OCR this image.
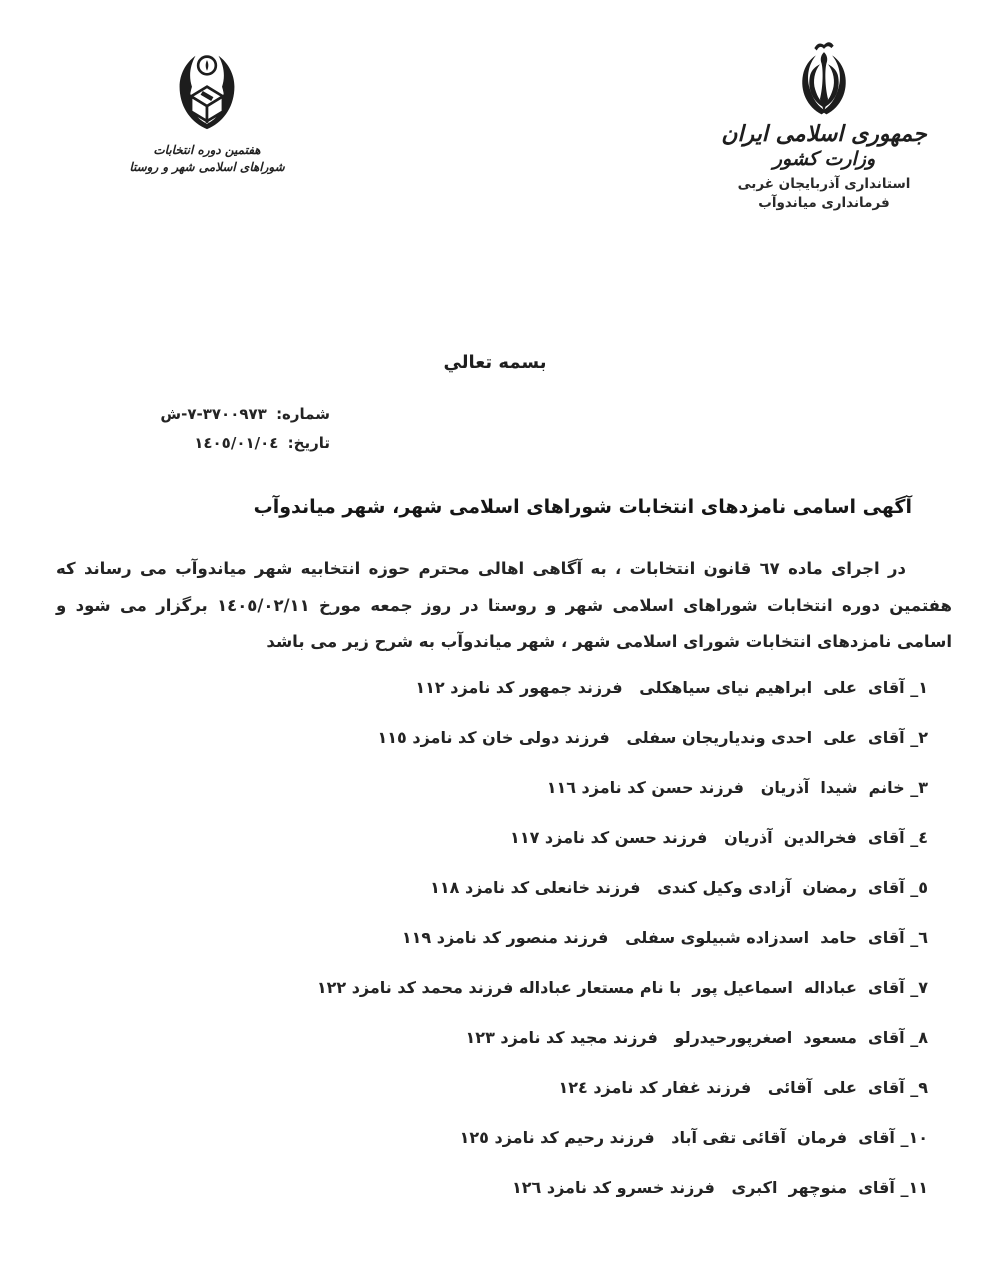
جمهوری اسلامی ایران
وزارت کشور
استانداری آذربایجان غربی
فرمانداری میاندوآب
هفتمین دوره انتخابات
شوراهای اسلامی شهر و روستا
بسمه تعالي
شماره: ٣٧٠٠٩٧٣-٧-ش
تاریخ: ١٤٠٥/٠١/٠٤
آگهی اسامی نامزدهای انتخابات شوراهای اسلامی شهر، شهر میاندوآب
در اجرای ماده ٦٧ قانون انتخابات ، به آگاهی اهالی محترم حوزه انتخابیه شهر میاندوآب می رساند که هفتمین دوره انتخابات شوراهای اسلامی شهر و روستا در روز جمعه مورخ ١٤٠٥/٠٢/١١ برگزار می شود و اسامی نامزدهای انتخابات شورای اسلامی شهر ، شهر میاندوآب به شرح زیر می باشد
١_ آقای  علی  ابراهیم نیای سیاهکلی   فرزند جمهور کد نامزد ١١٢
٢_ آقای  علی  احدی وندیاریجان سفلی   فرزند دولی خان کد نامزد ١١٥
٣_ خانم  شیدا  آذریان   فرزند حسن کد نامزد ١١٦
٤_ آقای  فخرالدین  آذریان   فرزند حسن کد نامزد ١١٧
٥_ آقای  رمضان  آزادی وکیل کندی   فرزند خانعلی کد نامزد ١١٨
٦_ آقای  حامد  اسدزاده شبیلوی سفلی   فرزند منصور کد نامزد ١١٩
٧_ آقای  عباداله  اسماعیل پور  با نام مستعار عباداله فرزند محمد کد نامزد ١٢٢
٨_ آقای  مسعود  اصغرپورحیدرلو   فرزند مجید کد نامزد ١٢٣
٩_ آقای  علی  آقائی   فرزند غفار کد نامزد ١٢٤
١٠_ آقای  فرمان  آقائی تقی آباد   فرزند رحیم کد نامزد ١٢٥
١١_ آقای  منوچهر  اکبری   فرزند خسرو کد نامزد ١٢٦
